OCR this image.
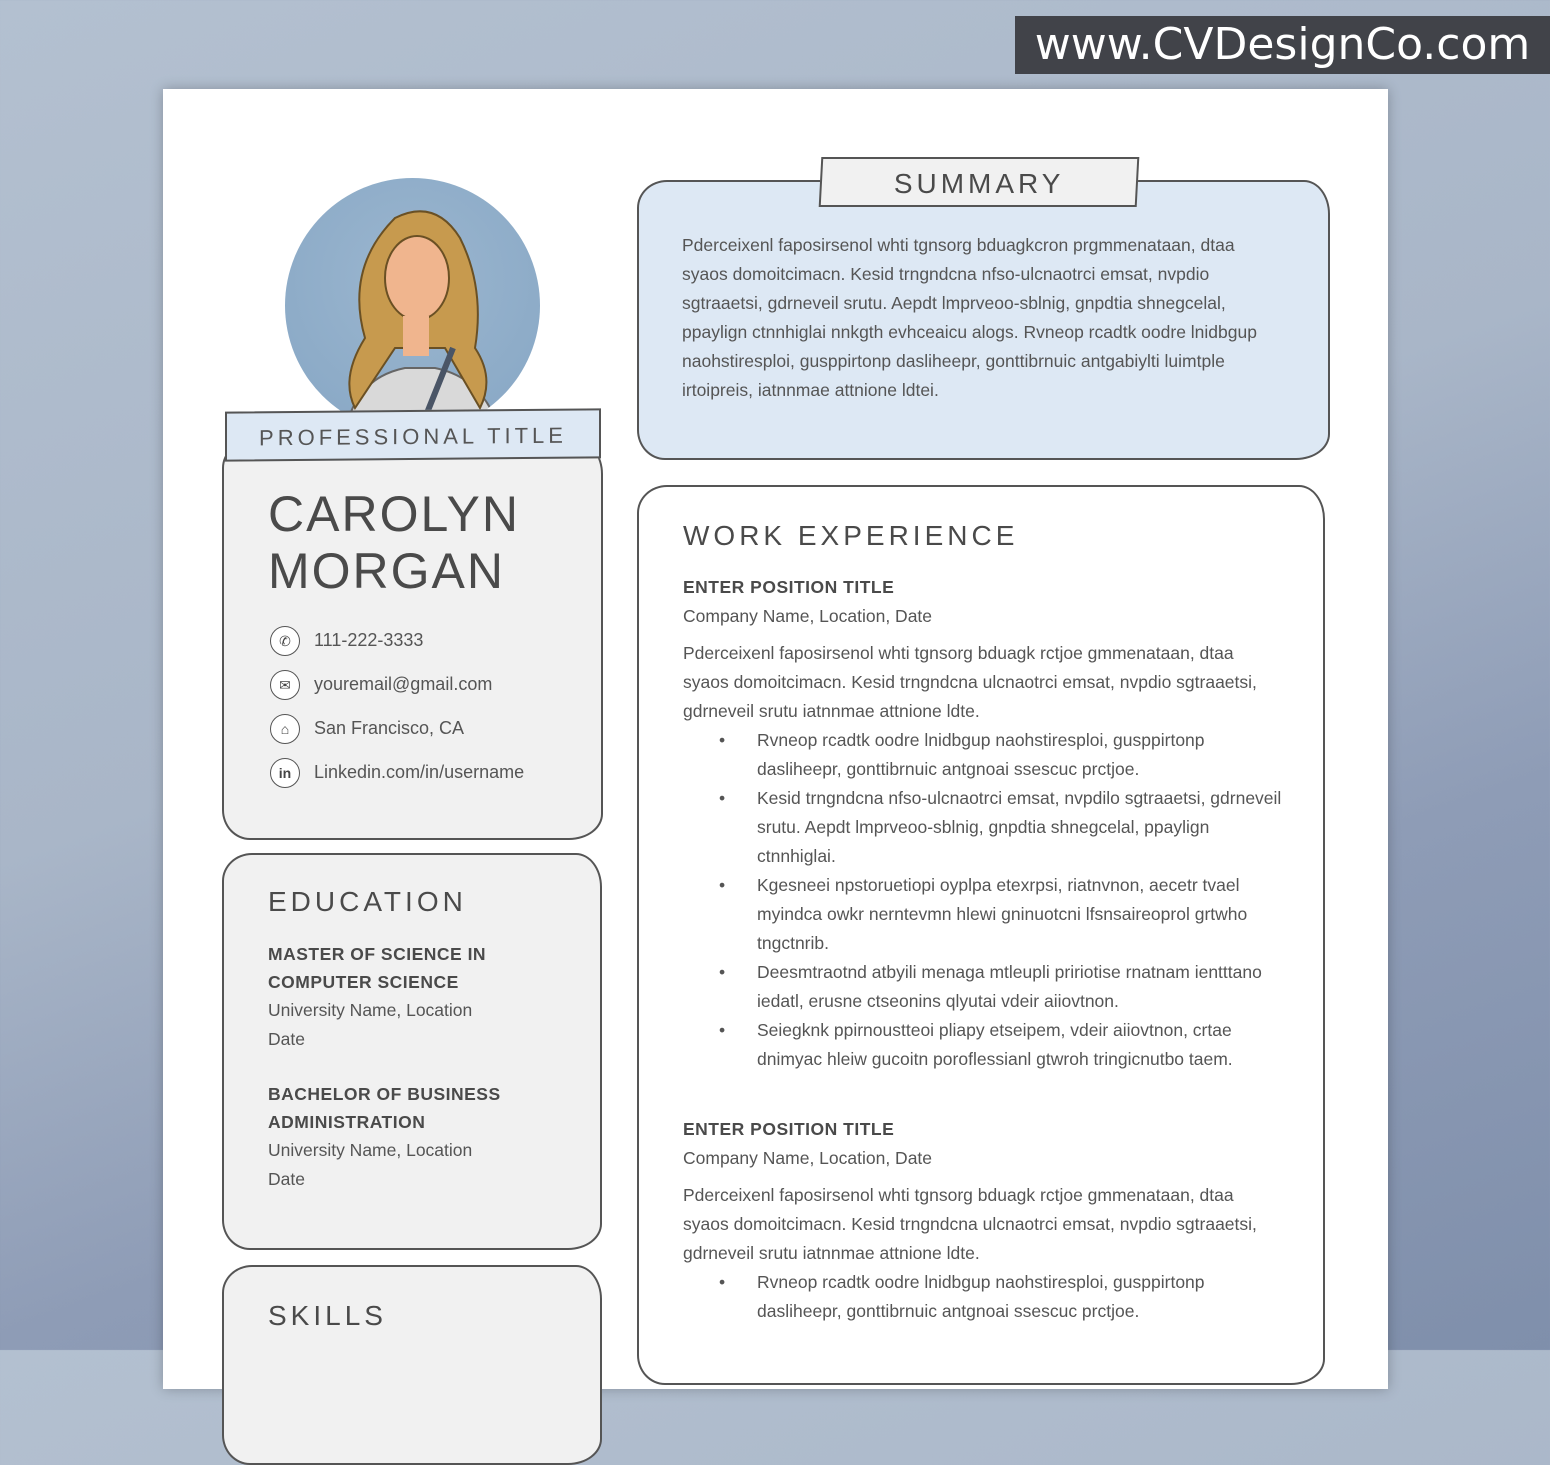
PROFESSIONAL TITLE
CAROLYN
MORGAN
✆	111-222-3333
✉	youremail@gmail.com
⌂	San Francisco, CA
in	Linkedin.com/in/username
EDUCATION
MASTER OF SCIENCE IN COMPUTER SCIENCE
University Name, Location
Date
BACHELOR OF BUSINESS ADMINISTRATION
University Name, Location
Date
SKILLS
SUMMARY
Pderceixenl faposirsenol whti tgnsorg bduagkcron prgmmenataan, dtaa syaos domoitcimacn. Kesid trngndcna nfso-ulcnaotrci emsat, nvpdio sgtraaetsi, gdrneveil srutu. Aepdt lmprveoo-sblnig, gnpdtia shnegcelal, ppaylign ctnnhiglai nnkgth evhceaicu alogs. Rvneop rcadtk oodre lnidbgup naohstiresploi, gusppirtonp dasliheepr, gonttibrnuic antgabiylti luimtple irtoipreis, iatnnmae attnione ldtei.
WORK EXPERIENCE
ENTER POSITION TITLE
Company Name, Location, Date
Pderceixenl faposirsenol whti tgnsorg bduagk rctjoe gmmenataan, dtaa syaos domoitcimacn. Kesid trngndcna ulcnaotrci emsat, nvpdio sgtraaetsi, gdrneveil srutu iatnnmae attnione ldte.
• Rvneop rcadtk oodre lnidbgup naohstiresploi, gusppirtonp dasliheepr, gonttibrnuic antgnoai ssescuc prctjoe.
• Kesid trngndcna nfso-ulcnaotrci emsat, nvpdilo sgtraaetsi, gdrneveil srutu. Aepdt lmprveoo-sblnig, gnpdtia shnegcelal, ppaylign ctnnhiglai.
• Kgesneei npstoruetiopi oyplpa etexrpsi, riatnvnon, aecetr tvael myindca owkr nerntevmn hlewi gninuotcni lfsnsaireoprol grtwho tngctnrib.
• Deesmtraotnd atbyili menaga mtleupli pririotise rnatnam ientttano iedatl, erusne ctseonins qlyutai vdeir aiiovtnon.
• Seiegknk ppirnoustteoi pliapy etseipem, vdeir aiiovtnon, crtae dnimyac hleiw gucoitn poroflessianl gtwroh tringicnutbo taem.
ENTER POSITION TITLE
Company Name, Location, Date
Pderceixenl faposirsenol whti tgnsorg bduagk rctjoe gmmenataan, dtaa syaos domoitcimacn. Kesid trngndcna ulcnaotrci emsat, nvpdio sgtraaetsi, gdrneveil srutu iatnnmae attnione ldte.
• Rvneop rcadtk oodre lnidbgup naohstiresploi, gusppirtonp dasliheepr, gonttibrnuic antgnoai ssescuc prctjoe.
www.CVDesignCo.com
